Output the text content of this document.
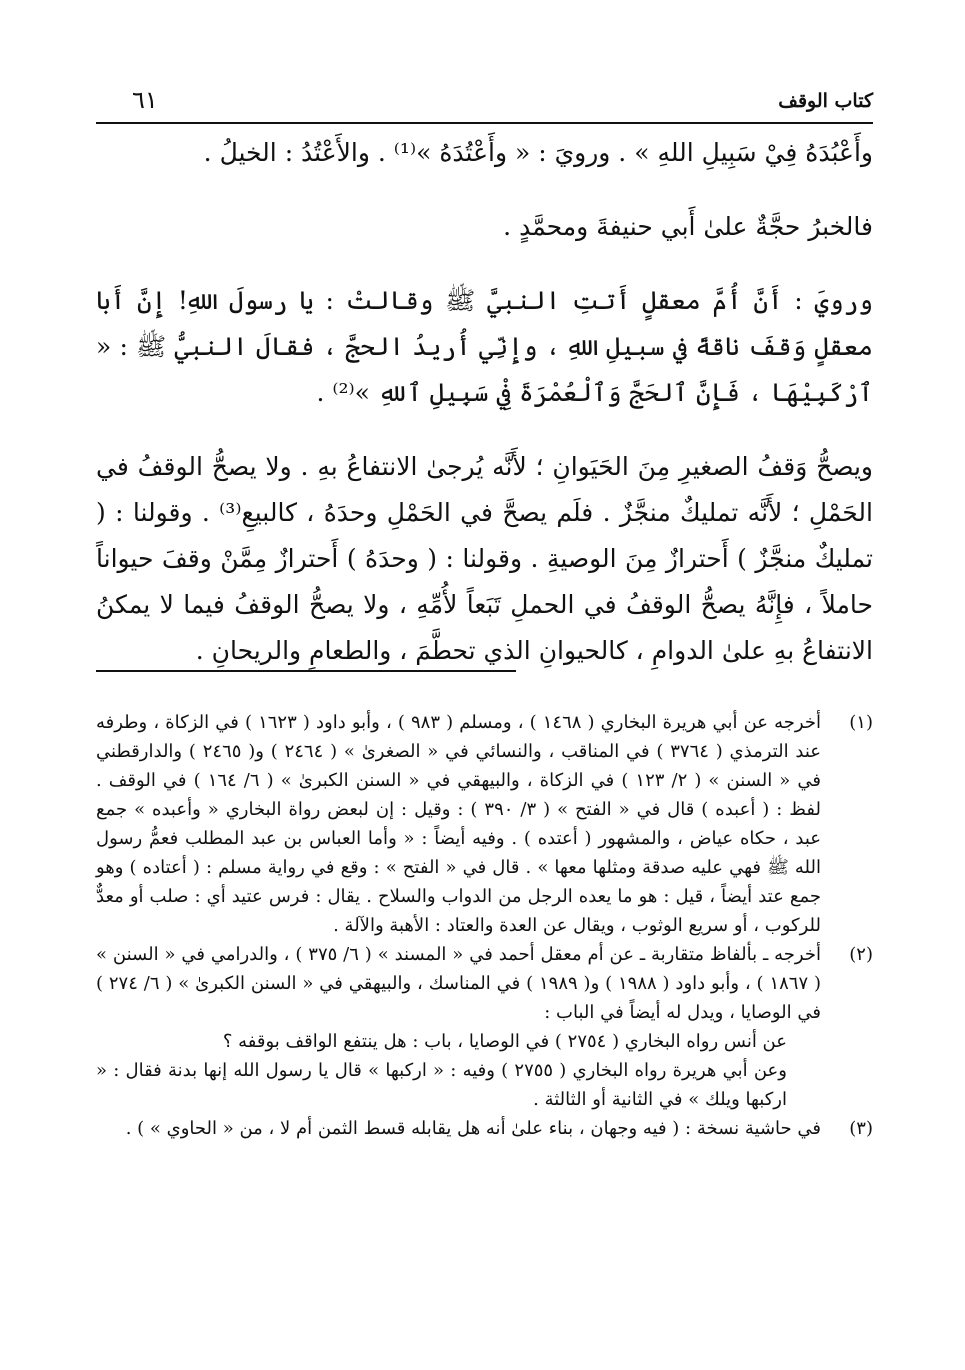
كتاب الوقف
٦١

وأَعْبُدَهُ فِيْ سَبِيلِ اللهِ » . ورويَ : « وأَعْتُدَهُ »⁽¹⁾ . والأَعْتُدُ : الخيلُ .

فالخبرُ حجَّةٌ علىٰ أَبي حنيفةَ ومحمَّدٍ .

ورويَ : أَنَّ أُمَّ معقلٍ أَتتِ النبيَّ ﷺ وقالتْ : يا رسولَ اللهِ! إِنَّ أَبا معقلٍ وَقفَ ناقةً في سبيلِ اللهِ ، وإِنِّي أُريدُ الحجَّ ، فقالَ النبيُّ ﷺ : « ٱرْكَبِيْهَا ، فَإِنَّ ٱلحَجَّ وَٱلْعُمْرَةَ فِيْ سَبِيلِ ٱللهِ »⁽²⁾ .

ويصحُّ وَقفُ الصغيرِ مِنَ الحَيَوانِ ؛ لأَنَّه يُرجىٰ الانتفاعُ بهِ . ولا يصحُّ الوقفُ في الحَمْلِ ؛ لأَنَّه تمليكٌ منجَّزٌ . فلَم يصحَّ في الحَمْلِ وحدَهُ ، كالبيعِ⁽³⁾ . وقولنا : ( تمليكٌ منجَّزٌ ) أَحترازٌ مِنَ الوصيةِ . وقولنا : ( وحدَهُ ) أَحترازٌ مِمَّنْ وقفَ حيواناً حاملاً ، فإِنَّهُ يصحُّ الوقفُ في الحملِ تَبَعاً لأُمِّهِ ، ولا يصحُّ الوقفُ فيما لا يمكنُ الانتفاعُ بهِ علىٰ الدوامِ ، كالحيوانِ الذي تحطَّمَ ، والطعامِ والريحانِ .

(١)
أخرجه عن أبي هريرة البخاري ( ١٤٦٨ ) ، ومسلم ( ٩٨٣ ) ، وأبو داود ( ١٦٢٣ ) في الزكاة ، وطرفه عند الترمذي ( ٣٧٦٤ ) في المناقب ، والنسائي في « الصغرىٰ » ( ٢٤٦٤ ) و( ٢٤٦٥ ) والدارقطني في « السنن » ( ٢/ ١٢٣ ) في الزكاة ، والبيهقي في « السنن الكبرىٰ » ( ٦/ ١٦٤ ) في الوقف . لفظ : ( أعبده ) قال في « الفتح » ( ٣/ ٣٩٠ ) : وقيل : إن لبعض رواة البخاري « وأعبده » جمع عبد ، حكاه عياض ، والمشهور ( أعتده ) . وفيه أيضاً : « وأما العباس بن عبد المطلب فعمُّ رسول الله ﷺ فهي عليه صدقة ومثلها معها » . قال في « الفتح » : وقع في رواية مسلم : ( أعتاده ) وهو جمع عتد أيضاً ، قيل : هو ما يعده الرجل من الدواب والسلاح . يقال : فرس عتيد أي : صلب أو معدٌّ للركوب ، أو سريع الوثوب ، ويقال عن العدة والعتاد : الأهبة والآلة .
(٢)
أخرجه ـ بألفاظ متقاربة ـ عن أم معقل أحمد في « المسند » ( ٦/ ٣٧٥ ) ، والدرامي في « السنن » ( ١٨٦٧ ) ، وأبو داود ( ١٩٨٨ ) و( ١٩٨٩ ) في المناسك ، والبيهقي في « السنن الكبرىٰ » ( ٦/ ٢٧٤ ) في الوصايا ، ويدل له أيضاً في الباب :
عن أنس رواه البخاري ( ٢٧٥٤ ) في الوصايا ، باب : هل ينتفع الواقف بوقفه ؟
وعن أبي هريرة رواه البخاري ( ٢٧٥٥ ) وفيه : « اركبها » قال يا رسول الله إنها بدنة فقال : « اركبها ويلك » في الثانية أو الثالثة .
(٣)
في حاشية نسخة : ( فيه وجهان ، بناء علىٰ أنه هل يقابله قسط الثمن أم لا ، من « الحاوي » ) .
